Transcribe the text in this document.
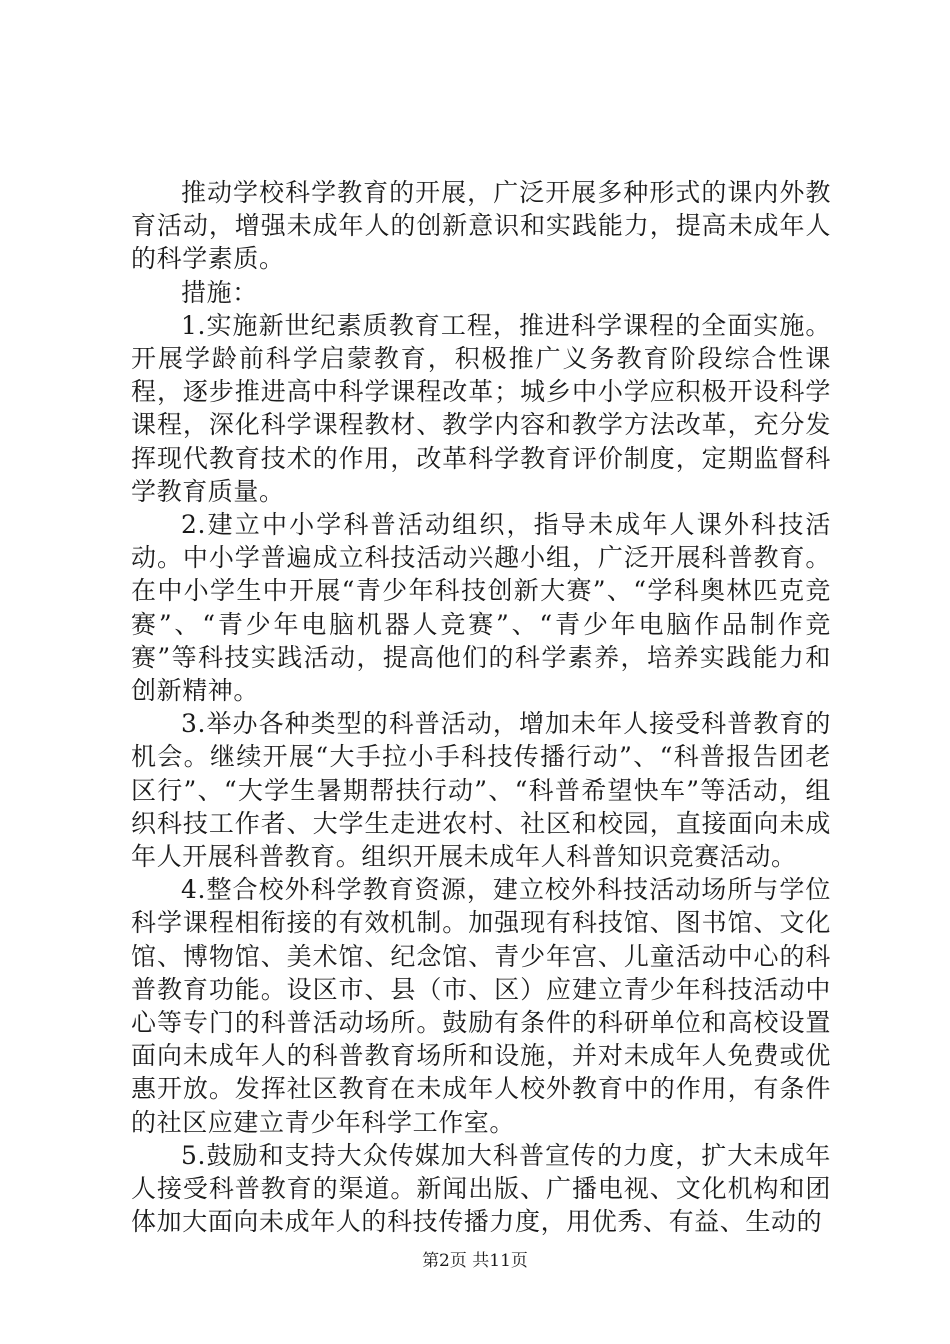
推动学校科学教育的开展，广泛开展多种形式的课内外教育活动，增强未成年人的创新意识和实践能力，提高未成年人的科学素质。

措施：

1.实施新世纪素质教育工程，推进科学课程的全面实施。开展学龄前科学启蒙教育，积极推广义务教育阶段综合性课程，逐步推进高中科学课程改革；城乡中小学应积极开设科学课程，深化科学课程教材、教学内容和教学方法改革，充分发挥现代教育技术的作用，改革科学教育评价制度，定期监督科学教育质量。

2.建立中小学科普活动组织，指导未成年人课外科技活动。中小学普遍成立科技活动兴趣小组，广泛开展科普教育。在中小学生中开展“青少年科技创新大赛”、“学科奥林匹克竞赛”、“青少年电脑机器人竞赛”、“青少年电脑作品制作竞赛”等科技实践活动，提高他们的科学素养，培养实践能力和创新精神。

3.举办各种类型的科普活动，增加未年人接受科普教育的机会。继续开展“大手拉小手科技传播行动”、“科普报告团老区行”、“大学生暑期帮扶行动”、“科普希望快车”等活动，组织科技工作者、大学生走进农村、社区和校园，直接面向未成年人开展科普教育。组织开展未成年人科普知识竞赛活动。

4.整合校外科学教育资源，建立校外科技活动场所与学位科学课程相衔接的有效机制。加强现有科技馆、图书馆、文化馆、博物馆、美术馆、纪念馆、青少年宫、儿童活动中心的科普教育功能。设区市、县（市、区）应建立青少年科技活动中心等专门的科普活动场所。鼓励有条件的科研单位和高校设置面向未成年人的科普教育场所和设施，并对未成年人免费或优惠开放。发挥社区教育在未成年人校外教育中的作用，有条件的社区应建立青少年科学工作室。

5.鼓励和支持大众传媒加大科普宣传的力度，扩大未成年人接受科普教育的渠道。新闻出版、广播电视、文化机构和团体加大面向未成年人的科技传播力度，用优秀、有益、生动的

第2页 共11页
